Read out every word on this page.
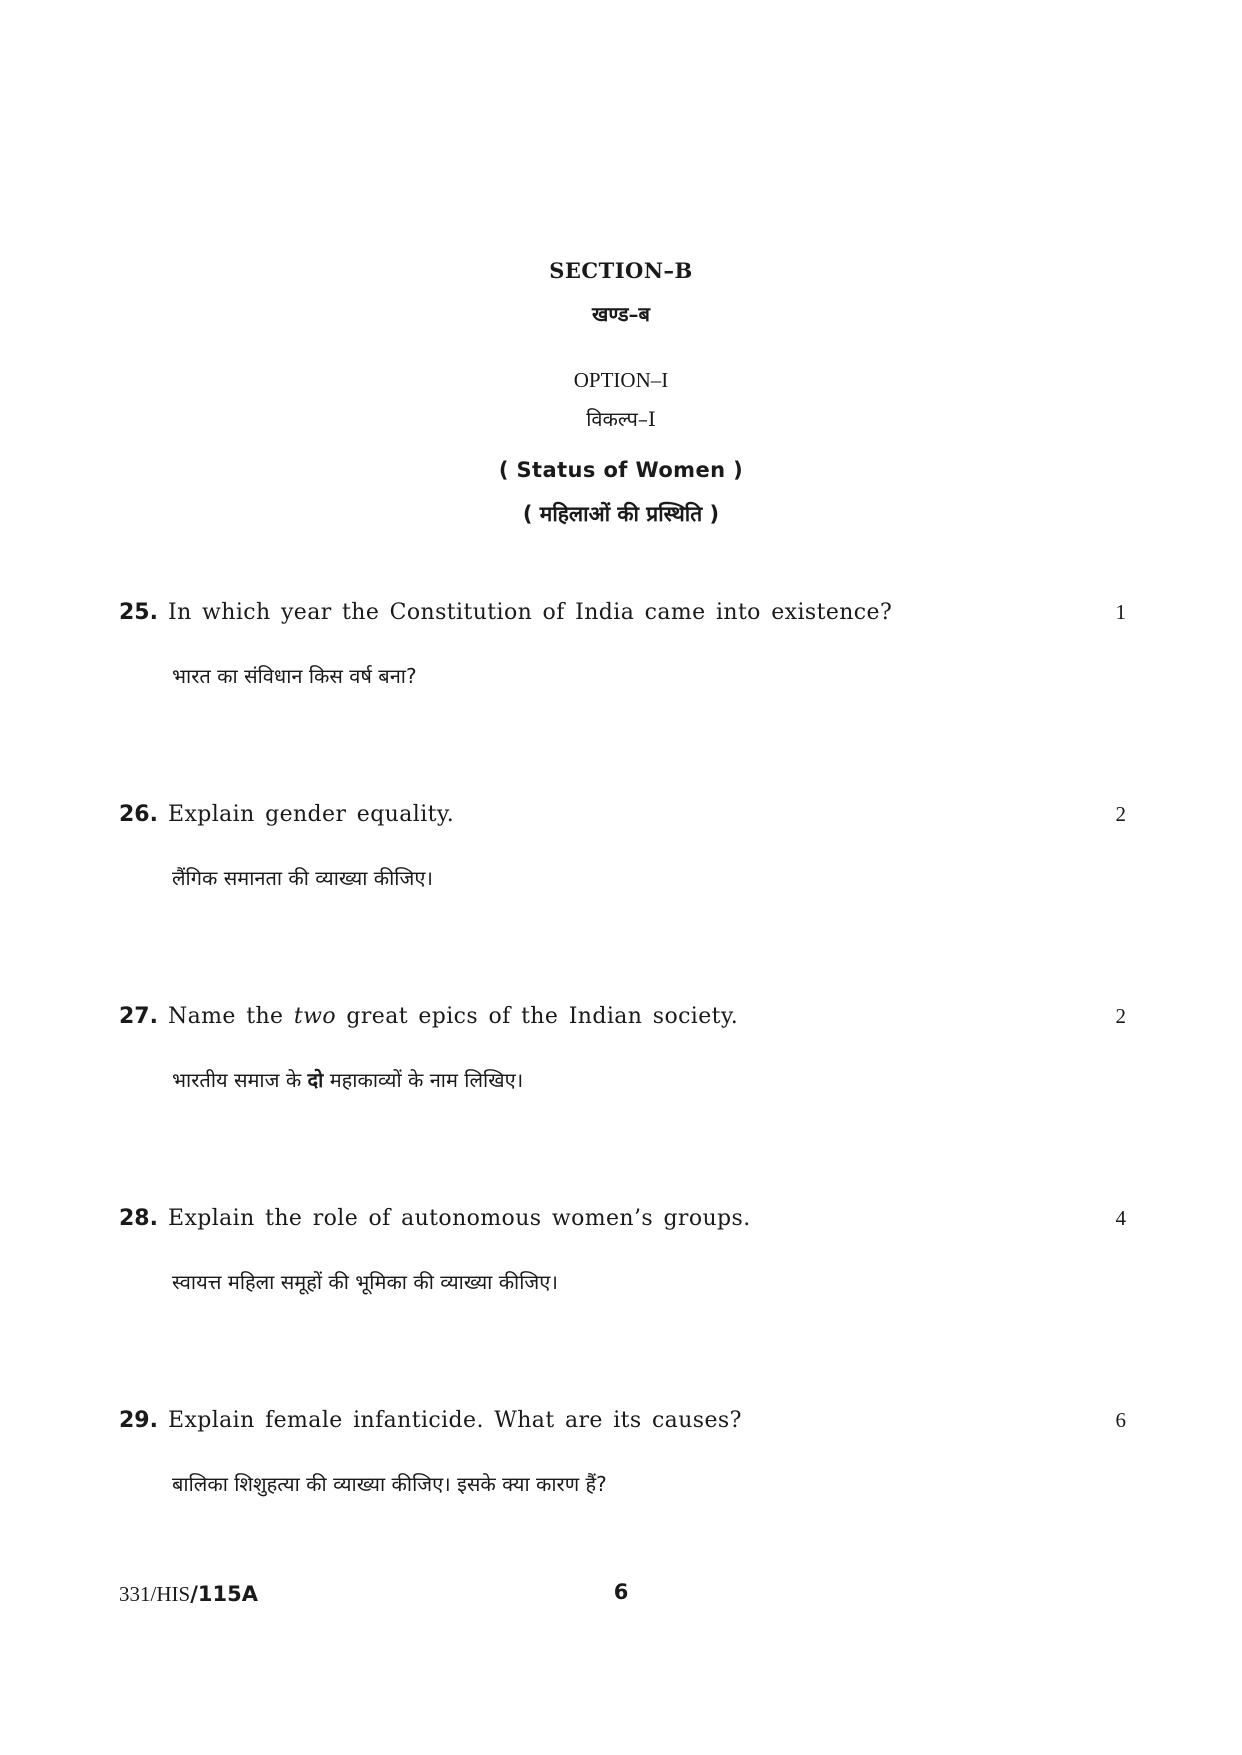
SECTION–B
खण्ड–ब
OPTION–I
विकल्प–I
( Status of Women )
( महिलाओं की प्रस्थिति )
25. In which year the Constitution of India came into existence?	1
भारत का संविधान किस वर्ष बना?
26. Explain gender equality.	2
लैंगिक समानता की व्याख्या कीजिए।
27. Name the two great epics of the Indian society.	2
भारतीय समाज के दो महाकाव्यों के नाम लिखिए।
28. Explain the role of autonomous women’s groups.	4
स्वायत्त महिला समूहों की भूमिका की व्याख्या कीजिए।
29. Explain female infanticide. What are its causes?	6
बालिका शिशुहत्या की व्याख्या कीजिए। इसके क्या कारण हैं?
331/HIS/115A	6
